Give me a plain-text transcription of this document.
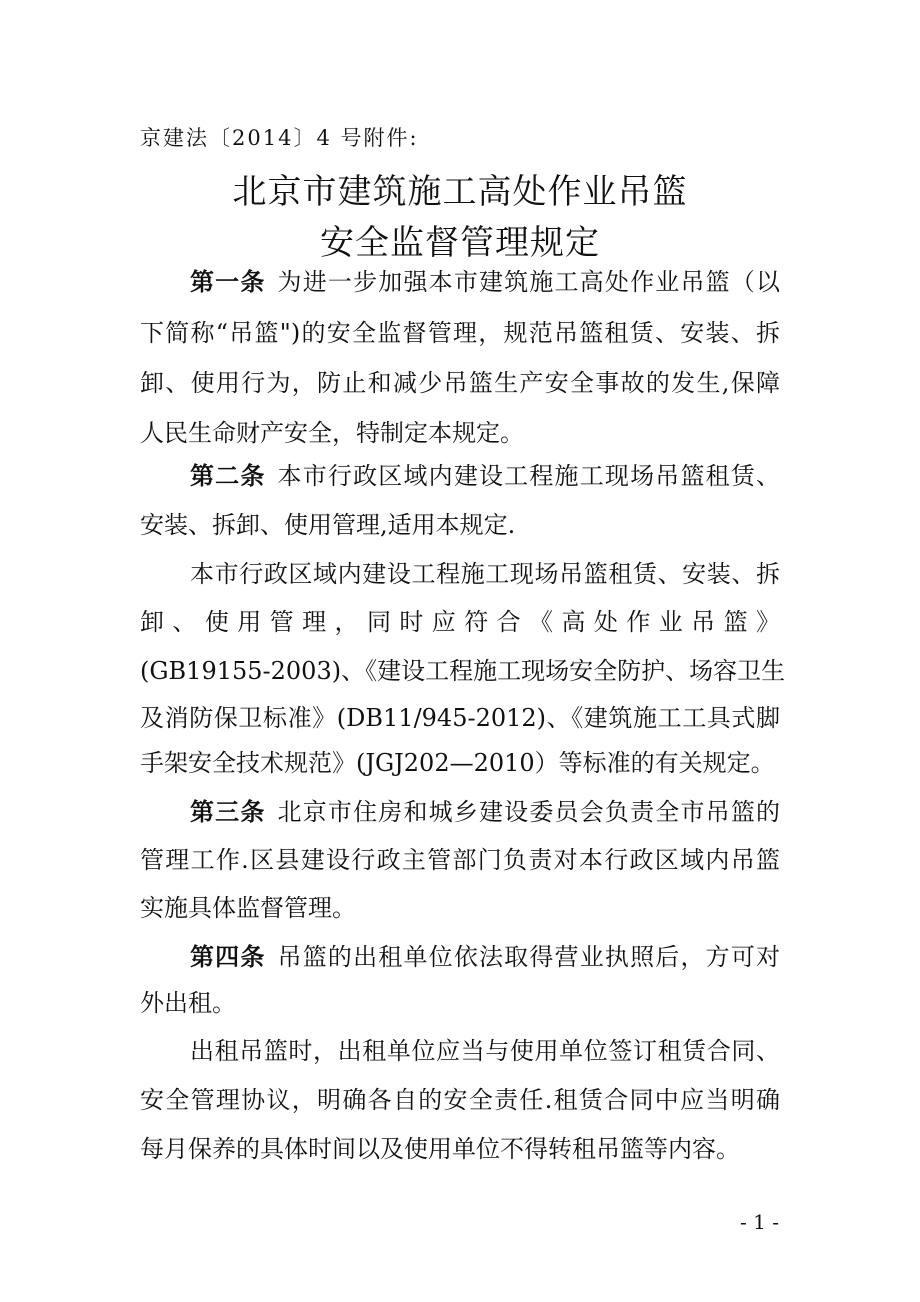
京建法〔2014〕4 号附件:
北京市建筑施工高处作业吊篮
安全监督管理规定
第一条 为进一步加强本市建筑施工高处作业吊篮（以
下简称“吊篮")的安全监督管理，规范吊篮租赁、安装、拆
卸、使用行为，防止和减少吊篮生产安全事故的发生,保障
人民生命财产安全，特制定本规定。
第二条 本市行政区域内建设工程施工现场吊篮租赁、
安装、拆卸、使用管理,适用本规定.
本市行政区域内建设工程施工现场吊篮租赁、安装、拆
卸、使用管理，同时应符合《高处作业吊篮》
(GB19155-2003)、《建设工程施工现场安全防护、场容卫生
及消防保卫标准》(DB11/945-2012)、《建筑施工工具式脚
手架安全技术规范》(JGJ202—2010）等标准的有关规定。
第三条 北京市住房和城乡建设委员会负责全市吊篮的
管理工作.区县建设行政主管部门负责对本行政区域内吊篮
实施具体监督管理。
第四条 吊篮的出租单位依法取得营业执照后，方可对
外出租。
出租吊篮时，出租单位应当与使用单位签订租赁合同、
安全管理协议，明确各自的安全责任.租赁合同中应当明确
每月保养的具体时间以及使用单位不得转租吊篮等内容。
- 1 -
